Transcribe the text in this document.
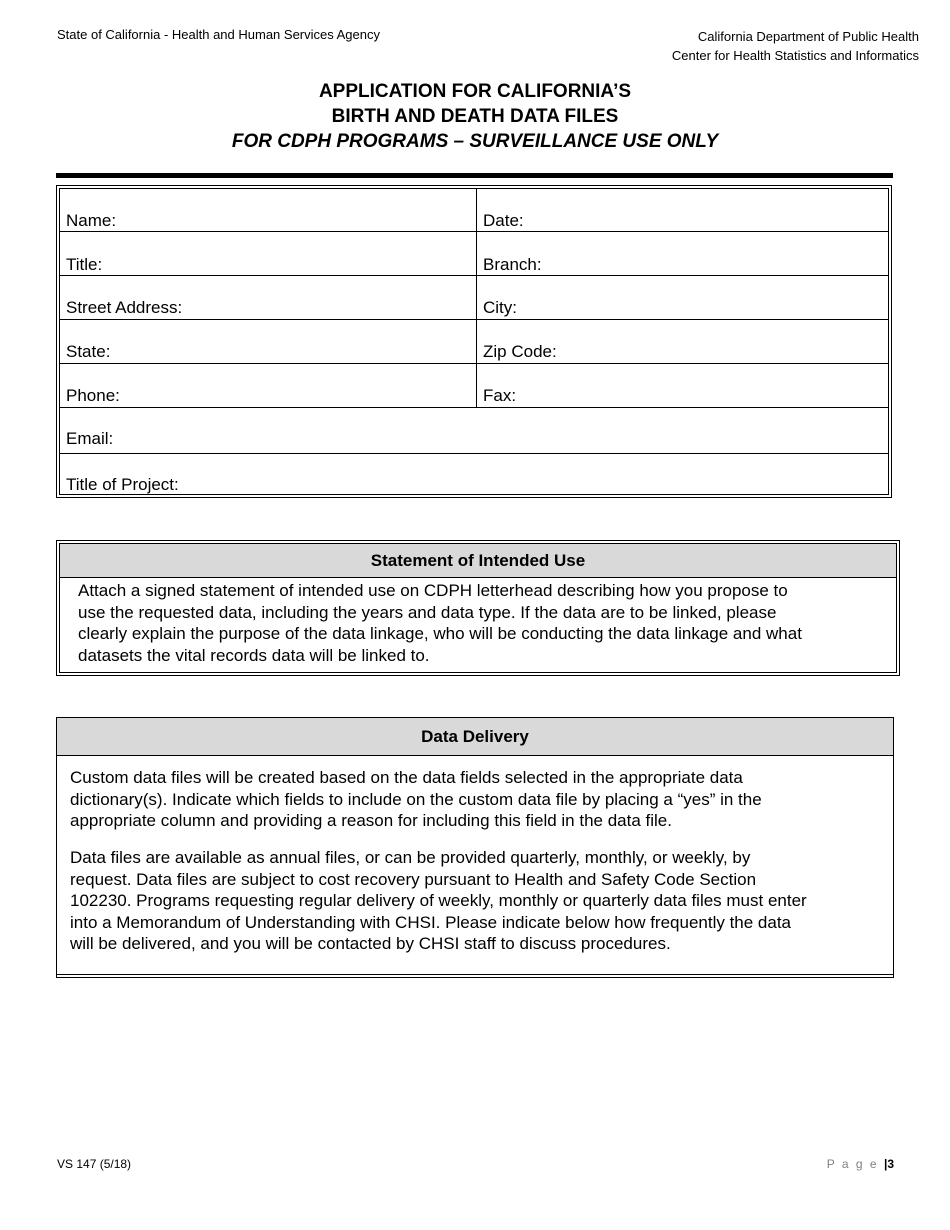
State of California - Health and Human Services Agency	California Department of Public Health
Center for Health Statistics and Informatics
APPLICATION FOR CALIFORNIA’S
BIRTH AND DEATH DATA FILES
FOR CDPH PROGRAMS – SURVEILLANCE USE ONLY
Name:	Date:
Title:	Branch:
Street Address:	City:
State:	Zip Code:
Phone:	Fax:
Email:
Title of Project:
Statement of Intended Use
Attach a signed statement of intended use on CDPH letterhead describing how you propose to
use the requested data, including the years and data type. If the data are to be linked, please
clearly explain the purpose of the data linkage, who will be conducting the data linkage and what
datasets the vital records data will be linked to.
Data Delivery
Custom data files will be created based on the data fields selected in the appropriate data
dictionary(s). Indicate which fields to include on the custom data file by placing a “yes” in the
appropriate column and providing a reason for including this field in the data file.
Data files are available as annual files, or can be provided quarterly, monthly, or weekly, by
request. Data files are subject to cost recovery pursuant to Health and Safety Code Section
102230. Programs requesting regular delivery of weekly, monthly or quarterly data files must enter
into a Memorandum of Understanding with CHSI. Please indicate below how frequently the data
will be delivered, and you will be contacted by CHSI staff to discuss procedures.
VS 147 (5/18)	P a g e |3
